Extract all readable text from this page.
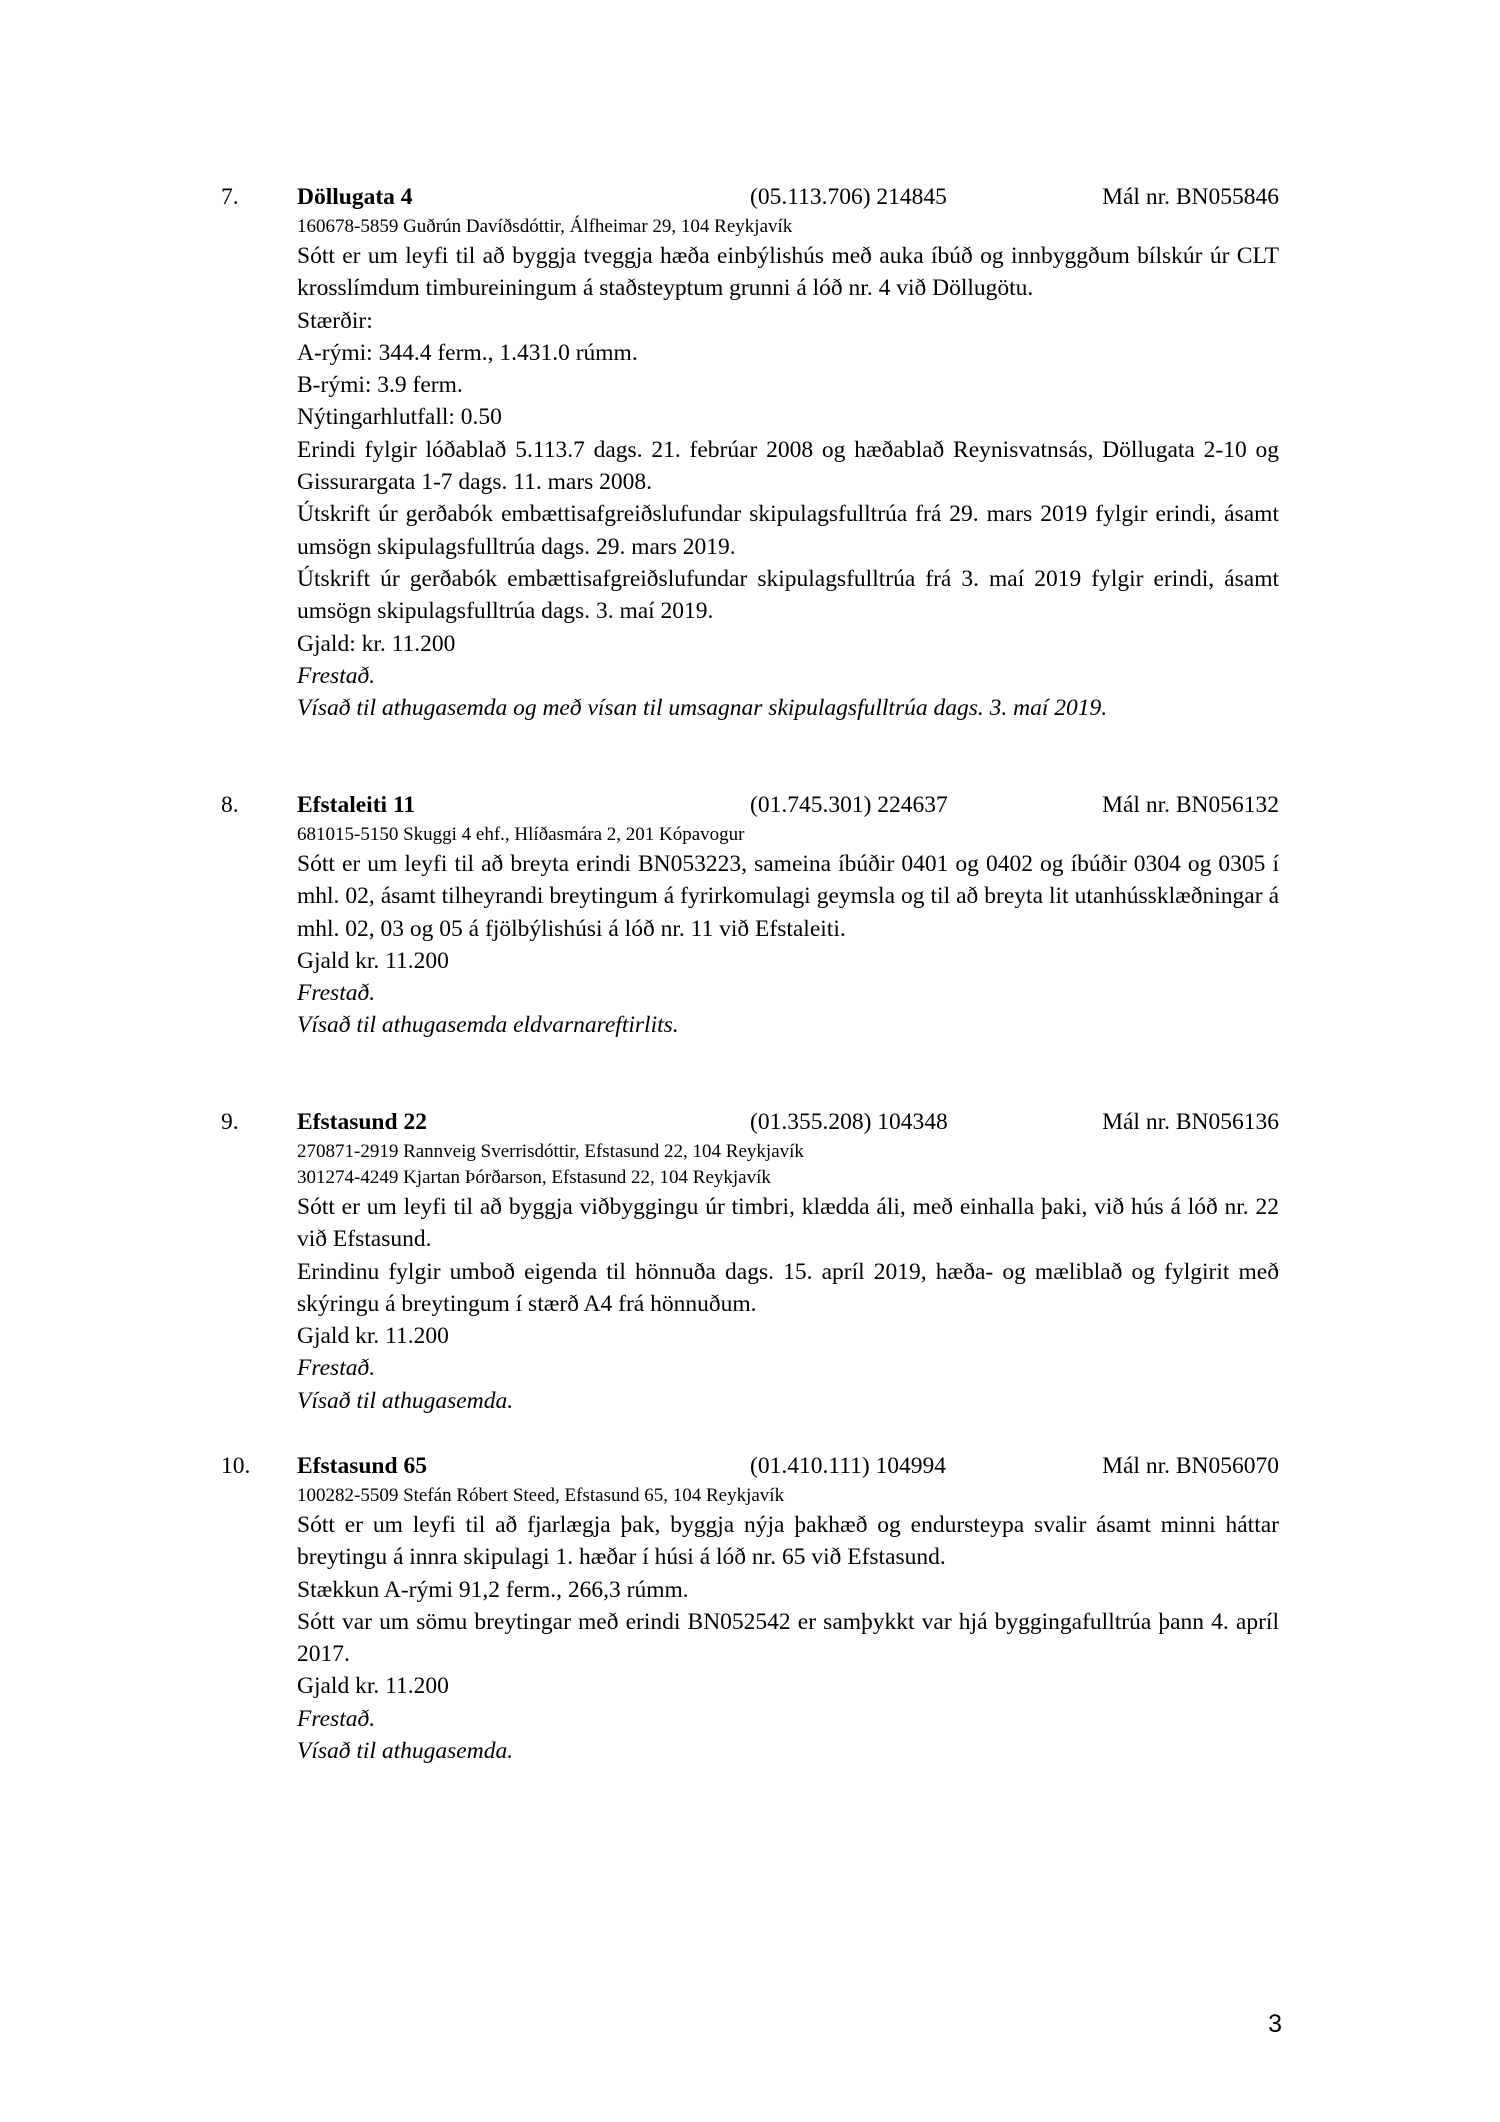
7. Döllugata 4	(05.113.706) 214845	Mál nr. BN055846
160678-5859 Guðrún Davíðsdóttir, Álfheimar 29, 104 Reykjavík
Sótt er um leyfi til að byggja tveggja hæða einbýlishús með auka íbúð og innbyggðum bílskúr úr CLT krosslímdum timbureiningum á staðsteyptum grunni á lóð nr. 4 við Döllugötu.
Stærðir:
A-rými: 344.4 ferm., 1.431.0 rúmm.
B-rými: 3.9 ferm.
Nýtingarhlutfall: 0.50
Erindi fylgir lóðablað 5.113.7 dags. 21. febrúar 2008 og hæðablað Reynisvatnsás, Döllugata 2-10 og Gissurargata 1-7 dags. 11. mars 2008.
Útskrift úr gerðabók embættisafgreiðslufundar skipulagsfulltrúa frá 29. mars 2019 fylgir erindi, ásamt umsögn skipulagsfulltrúa dags. 29. mars 2019.
Útskrift úr gerðabók embættisafgreiðslufundar skipulagsfulltrúa frá 3. maí 2019 fylgir erindi, ásamt umsögn skipulagsfulltrúa dags. 3. maí 2019.
Gjald: kr. 11.200
Frestað.
Vísað til athugasemda og með vísan til umsagnar skipulagsfulltrúa dags. 3. maí 2019.
8. Efstaleiti 11	(01.745.301) 224637	Mál nr. BN056132
681015-5150 Skuggi 4 ehf., Hlíðasmára 2, 201 Kópavogur
Sótt er um leyfi til að breyta erindi BN053223, sameina íbúðir 0401 og 0402 og íbúðir 0304 og 0305 í mhl. 02, ásamt tilheyrandi breytingum á fyrirkomulagi geymsla og til að breyta lit utanhússklæðningar á mhl. 02, 03 og 05 á fjölbýlishúsi á lóð nr. 11 við Efstaleiti.
Gjald kr. 11.200
Frestað.
Vísað til athugasemda eldvarnareftirlits.
9. Efstasund 22	(01.355.208) 104348	Mál nr. BN056136
270871-2919 Rannveig Sverrisdóttir, Efstasund 22, 104 Reykjavík
301274-4249 Kjartan Þórðarson, Efstasund 22, 104 Reykjavík
Sótt er um leyfi til að byggja viðbyggingu úr timbri, klædda áli, með einhalla þaki, við hús á lóð nr. 22 við Efstasund.
Erindinu fylgir umboð eigenda til hönnuða dags. 15. apríl 2019, hæða- og mæliblað og fylgirit með skýringu á breytingum í stærð A4 frá hönnuðum.
Gjald kr. 11.200
Frestað.
Vísað til athugasemda.
10. Efstasund 65	(01.410.111) 104994	Mál nr. BN056070
100282-5509 Stefán Róbert Steed, Efstasund 65, 104 Reykjavík
Sótt er um leyfi til að fjarlægja þak, byggja nýja þakhæð og endursteypa svalir ásamt minni háttar breytingu á innra skipulagi 1. hæðar í húsi á lóð nr. 65 við Efstasund.
Stækkun A-rými 91,2 ferm., 266,3 rúmm.
Sótt var um sömu breytingar með erindi BN052542 er samþykkt var hjá byggingafulltrúa þann 4. apríl 2017.
Gjald kr. 11.200
Frestað.
Vísað til athugasemda.
3
